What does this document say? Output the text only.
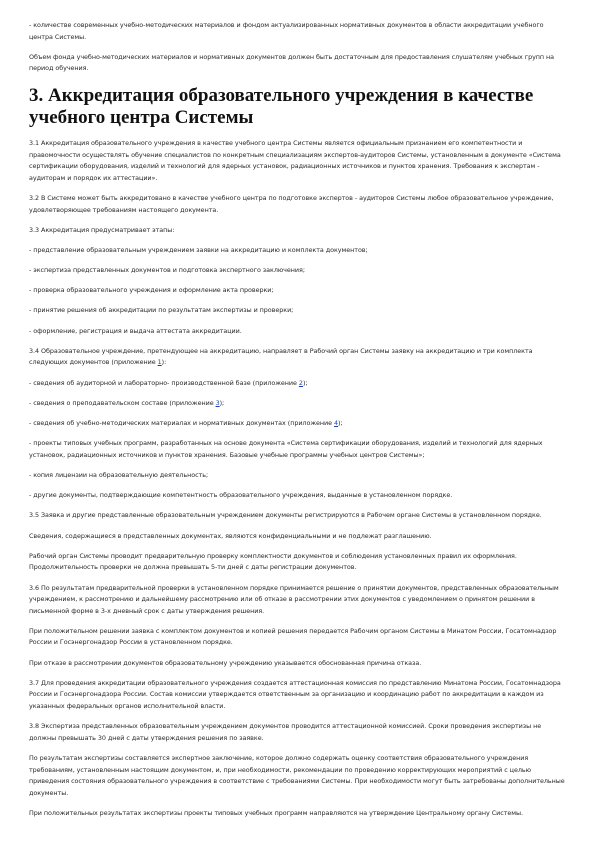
- количестве современных учебно-методических материалов и фондом актуализированных нормативных документов в области аккредитации учебного центра Системы.

Объем фонда учебно-методических материалов и нормативных документов должен быть достаточным для предоставления слушателям учебных групп на период обучения.

3. Аккредитация образовательного учреждения в качестве учебного центра Системы

3.1 Аккредитация образовательного учреждения в качестве учебного центра Системы является официальным признанием его компетентности и правомочности осуществлять обучение специалистов по конкретным специализациям экспертов-аудиторов Системы, установленным в документе «Система сертификации оборудования, изделий и технологий для ядерных установок, радиационных источников и пунктов хранения. Требования к экспертам - аудиторам и порядок их аттестации».

3.2 В Системе может быть аккредитовано в качестве учебного центра по подготовке экспертов - аудиторов Системы любое образовательное учреждение, удовлетворяющее требованиям настоящего документа.

3.3 Аккредитация предусматривает этапы:

- представление образовательным учреждением заявки на аккредитацию и комплекта документов;

- экспертиза представленных документов и подготовка экспертного заключения;

- проверка образовательного учреждения и оформление акта проверки;

- принятие решения об аккредитации по результатам экспертизы и проверки;

- оформление, регистрация и выдача аттестата аккредитации.

3.4 Образовательное учреждение, претендующее на аккредитацию, направляет в Рабочий орган Системы заявку на аккредитацию и три комплекта следующих документов (приложение 1):

- сведения об аудиторной и лабораторно- производственной базе (приложение 2);

- сведения о преподавательском составе (приложение 3);

- сведения об учебно-методических материалах и нормативных документах (приложение 4);

- проекты типовых учебных программ, разработанных на основе документа «Система сертификации оборудования, изделий и технологий для ядерных установок, радиационных источников и пунктов хранения. Базовые учебные программы учебных центров Системы»;

- копия лицензии на образовательную деятельность;

- другие документы, подтверждающие компетентность образовательного учреждения, выданные в установленном порядке.

3.5 Заявка и другие представленные образовательным учреждением документы регистрируются в Рабочем органе Системы в установленном порядке.

Сведения, содержащиеся в представленных документах, являются конфиденциальными и не подлежат разглашению.

Рабочий орган Системы проводит предварительную проверку комплектности документов и соблюдения установленных правил их оформления. Продолжительность проверки не должна превышать 5-ти дней с даты регистрации документов.

3.6 По результатам предварительной проверки в установленном порядке принимается решение о принятии документов, представленных образовательным учреждением, к рассмотрению и дальнейшему рассмотрению или об отказе в рассмотрении этих документов с уведомлением о принятом решении в письменной форме в 3-х дневный срок с даты утверждения решения.

При положительном решении заявка с комплектом документов и копией решения передается Рабочим органом Системы в Минатом России, Госатомнадзор России и Госэнергонадзор России в установленном порядке.

При отказе в рассмотрении документов образовательному учреждению указывается обоснованная причина отказа.

3.7 Для проведения аккредитации образовательного учреждения создается аттестационная комиссия по представлению Минатома России, Госатомнадзора России и Госэнергонадзора России. Состав комиссии утверждается ответственным за организацию и координацию работ по аккредитации в каждом из указанных федеральных органов исполнительной власти.

3.8 Экспертиза представленных образовательным учреждением документов проводится аттестационной комиссией. Сроки проведения экспертизы не должны превышать 30 дней с даты утверждения решения по заявке.

По результатам экспертизы составляется экспертное заключение, которое должно содержать оценку соответствия образовательного учреждения требованиям, установленным настоящим документом, и, при необходимости, рекомендации по проведению корректирующих мероприятий с целью приведения состояния образовательного учреждения в соответствие с требованиями Системы. При необходимости могут быть затребованы дополнительные документы.

При положительных результатах экспертизы проекты типовых учебных программ направляются на утверждение Центральному органу Системы.
